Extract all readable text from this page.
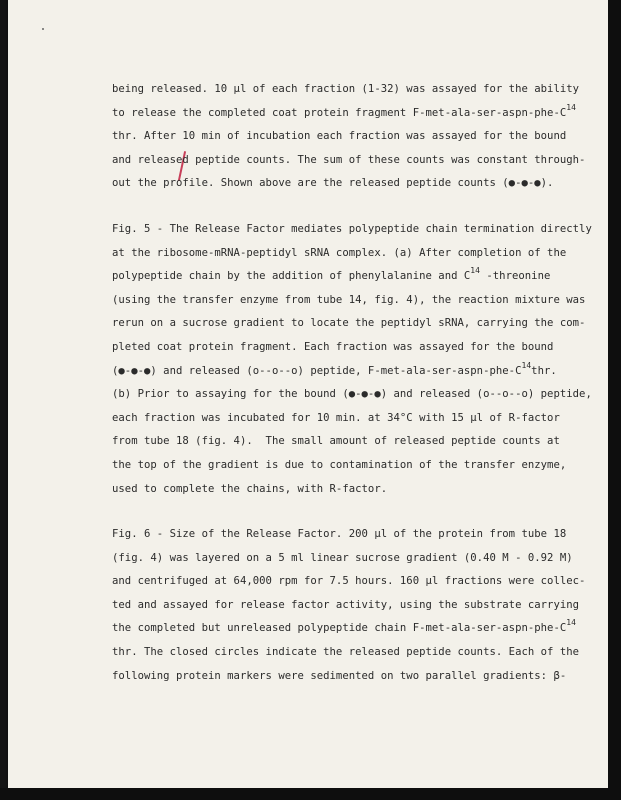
being released. 10 µl of each fraction (1-32) was assayed for the ability
to release the completed coat protein fragment $F-met-ala-ser-aspn-phe-C^{14}$
thr. After 10 min of incubation each fraction was assayed for the bound
and released peptide counts. The sum of these counts was constant through-
out the profile. Shown above are the released peptide counts (●-●-●).
Fig. 5 - The Release Factor mediates polypeptide chain termination directly
at the ribosome-mRNA-peptidyl sRNA complex. (a) After completion of the
polypeptide chain by the addition of phenylalanine and $C^{14}$ -threonine
(using the transfer enzyme from tube 14, fig. 4), the reaction mixture was
rerun on a sucrose gradient to locate the peptidyl sRNA, carrying the com-
pleted coat protein fragment. Each fraction was assayed for the bound
(●-●-●) and released (o--o--o) peptide, $F-met-ala-ser-aspn-phe-C^{14}thr$.
(b) Prior to assaying for the bound (●-●-●) and released (o--o--o) peptide,
each fraction was incubated for 10 min. at 34°C with 15 µl of R-factor
from tube 18 (fig. 4).  The small amount of released peptide counts at
the top of the gradient is due to contamination of the transfer enzyme,
used to complete the chains, with R-factor.
Fig. 6 - Size of the Release Factor. 200 µl of the protein from tube 18
(fig. 4) was layered on a 5 ml linear sucrose gradient (0.40 M - 0.92 M)
and centrifuged at 64,000 rpm for 7.5 hours. 160 µl fractions were collec-
ted and assayed for release factor activity, using the substrate carrying
the completed but unreleased polypeptide chain $F-met-ala-ser-aspn-phe-C^{14}$
thr. The closed circles indicate the released peptide counts. Each of the
following protein markers were sedimented on two parallel gradients: β-
